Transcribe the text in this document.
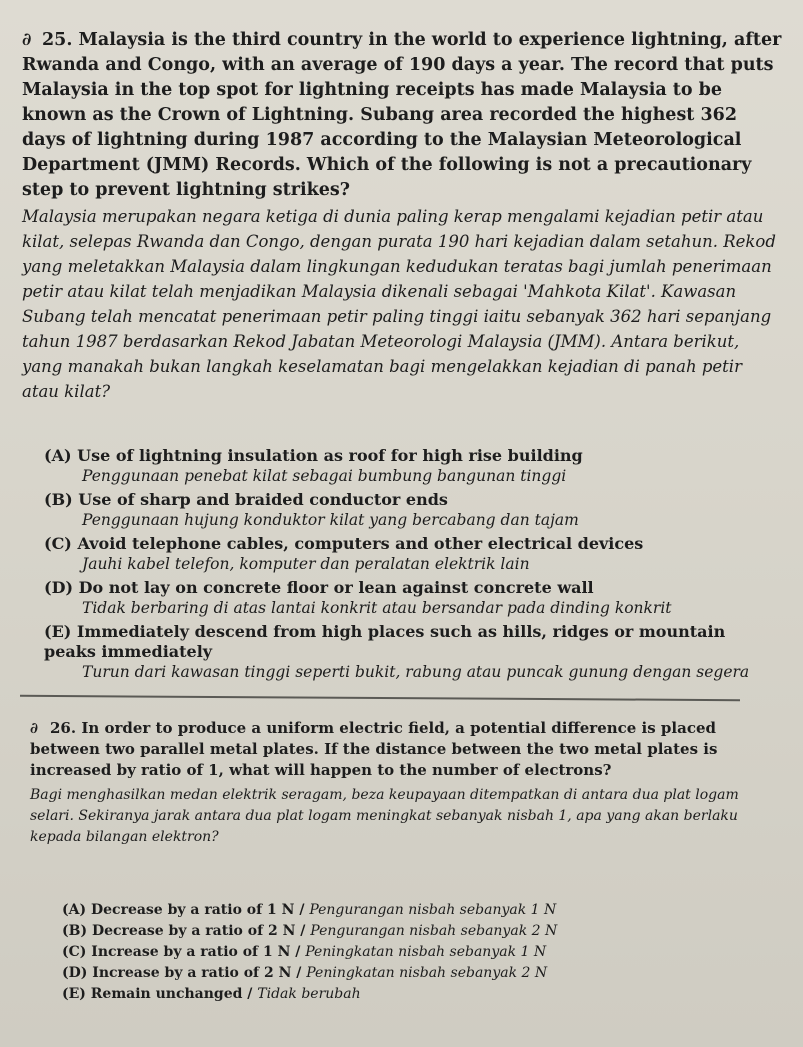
∂ 25. Malaysia is the third country in the world to experience lightning, after Rwanda and Congo, with an average of 190 days a year. The record that puts Malaysia in the top spot for lightning receipts has made Malaysia to be known as the Crown of Lightning. Subang area recorded the highest 362 days of lightning during 1987 according to the Malaysian Meteorological Department (JMM) Records. Which of the following is not a precautionary step to prevent lightning strikes?
Malaysia merupakan negara ketiga di dunia paling kerap mengalami kejadian petir atau kilat, selepas Rwanda dan Congo, dengan purata 190 hari kejadian dalam setahun. Rekod yang meletakkan Malaysia dalam lingkungan kedudukan teratas bagi jumlah penerimaan petir atau kilat telah menjadikan Malaysia dikenali sebagai 'Mahkota Kilat'. Kawasan Subang telah mencatat penerimaan petir paling tinggi iaitu sebanyak 362 hari sepanjang tahun 1987 berdasarkan Rekod Jabatan Meteorologi Malaysia (JMM). Antara berikut, yang manakah bukan langkah keselamatan bagi mengelakkan kejadian di panah petir atau kilat?
(A) Use of lightning insulation as roof for high rise building
Penggunaan penebat kilat sebagai bumbung bangunan tinggi
(B) Use of sharp and braided conductor ends
Penggunaan hujung konduktor kilat yang bercabang dan tajam
(C) Avoid telephone cables, computers and other electrical devices
Jauhi kabel telefon, komputer dan peralatan elektrik lain
(D) Do not lay on concrete floor or lean against concrete wall
Tidak berbaring di atas lantai konkrit atau bersandar pada dinding konkrit
(E) Immediately descend from high places such as hills, ridges or mountain peaks immediately
Turun dari kawasan tinggi seperti bukit, rabung atau puncak gunung dengan segera
∂ 26. In order to produce a uniform electric field, a potential difference is placed between two parallel metal plates. If the distance between the two metal plates is increased by ratio of 1, what will happen to the number of electrons?
Bagi menghasilkan medan elektrik seragam, beza keupayaan ditempatkan di antara dua plat logam selari. Sekiranya jarak antara dua plat logam meningkat sebanyak nisbah 1, apa yang akan berlaku kepada bilangan elektron?
(A) Decrease by a ratio of 1 N / Pengurangan nisbah sebanyak 1 N
(B) Decrease by a ratio of 2 N / Pengurangan nisbah sebanyak 2 N
(C) Increase by a ratio of 1 N / Peningkatan nisbah sebanyak 1 N
(D) Increase by a ratio of 2 N / Peningkatan nisbah sebanyak 2 N
(E) Remain unchanged / Tidak berubah
